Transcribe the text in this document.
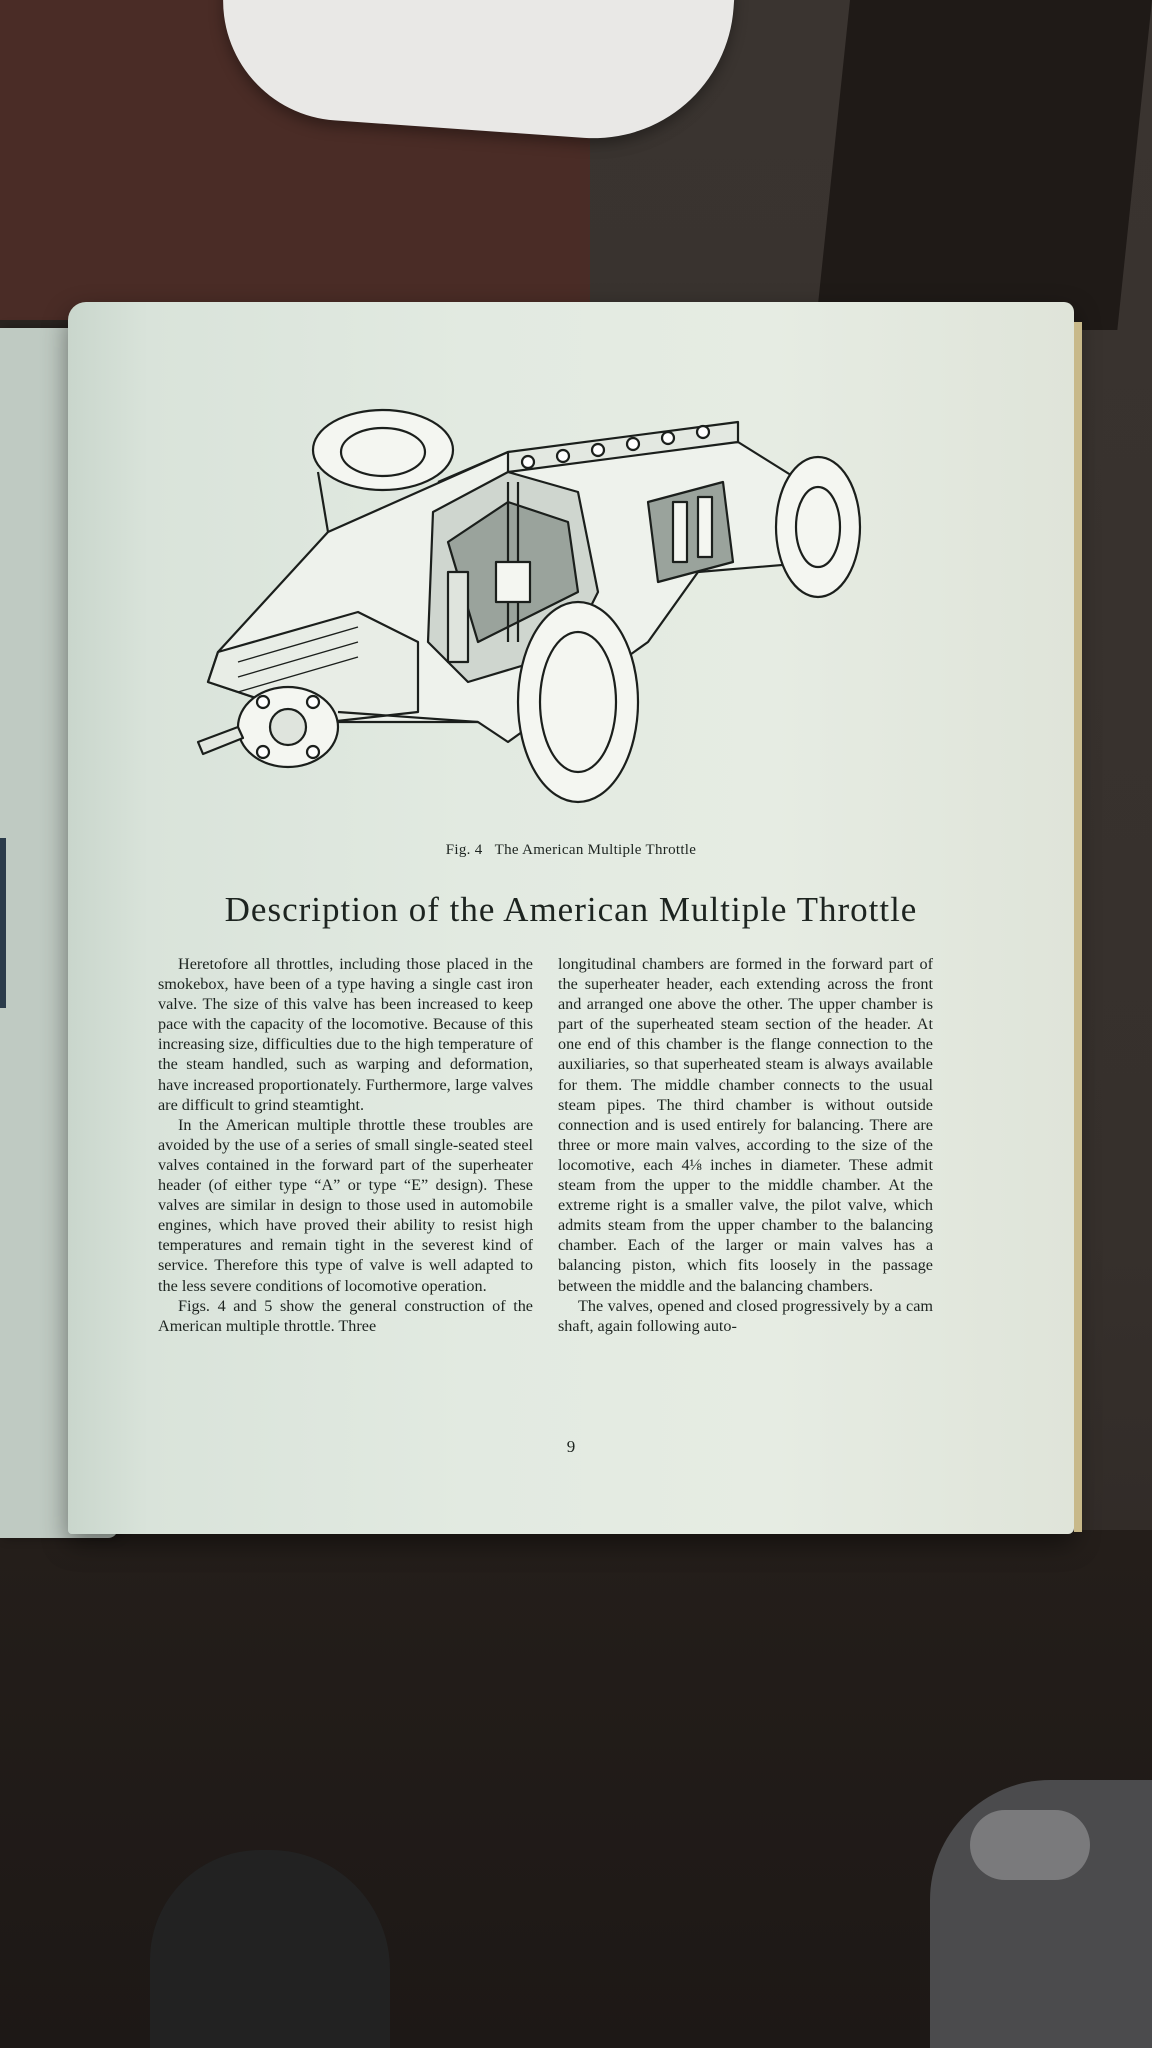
Fig. 4 The American Multiple Throttle
Description of the American Multiple Throttle

Heretofore all throttles, including those placed in the smokebox, have been of a type having a single cast iron valve. The size of this valve has been increased to keep pace with the capacity of the locomotive. Because of this increasing size, difficulties due to the high temperature of the steam handled, such as warping and deformation, have increased proportionately. Furthermore, large valves are difficult to grind steamtight.

In the American multiple throttle these troubles are avoided by the use of a series of small single-seated steel valves contained in the forward part of the superheater header (of either type “A” or type “E” design). These valves are similar in design to those used in automobile engines, which have proved their ability to resist high temperatures and remain tight in the severest kind of service. Therefore this type of valve is well adapted to the less severe conditions of locomotive operation.

Figs. 4 and 5 show the general construction of the American multiple throttle. Three

longitudinal chambers are formed in the forward part of the superheater header, each extending across the front and arranged one above the other. The upper chamber is part of the superheated steam section of the header. At one end of this chamber is the flange connection to the auxiliaries, so that superheated steam is always available for them. The middle chamber connects to the usual steam pipes. The third chamber is without outside connection and is used entirely for balancing. There are three or more main valves, according to the size of the locomotive, each 4⅛ inches in diameter. These admit steam from the upper to the middle chamber. At the extreme right is a smaller valve, the pilot valve, which admits steam from the upper chamber to the balancing chamber. Each of the larger or main valves has a balancing piston, which fits loosely in the passage between the middle and the balancing chambers.

The valves, opened and closed progressively by a cam shaft, again following auto-

9
